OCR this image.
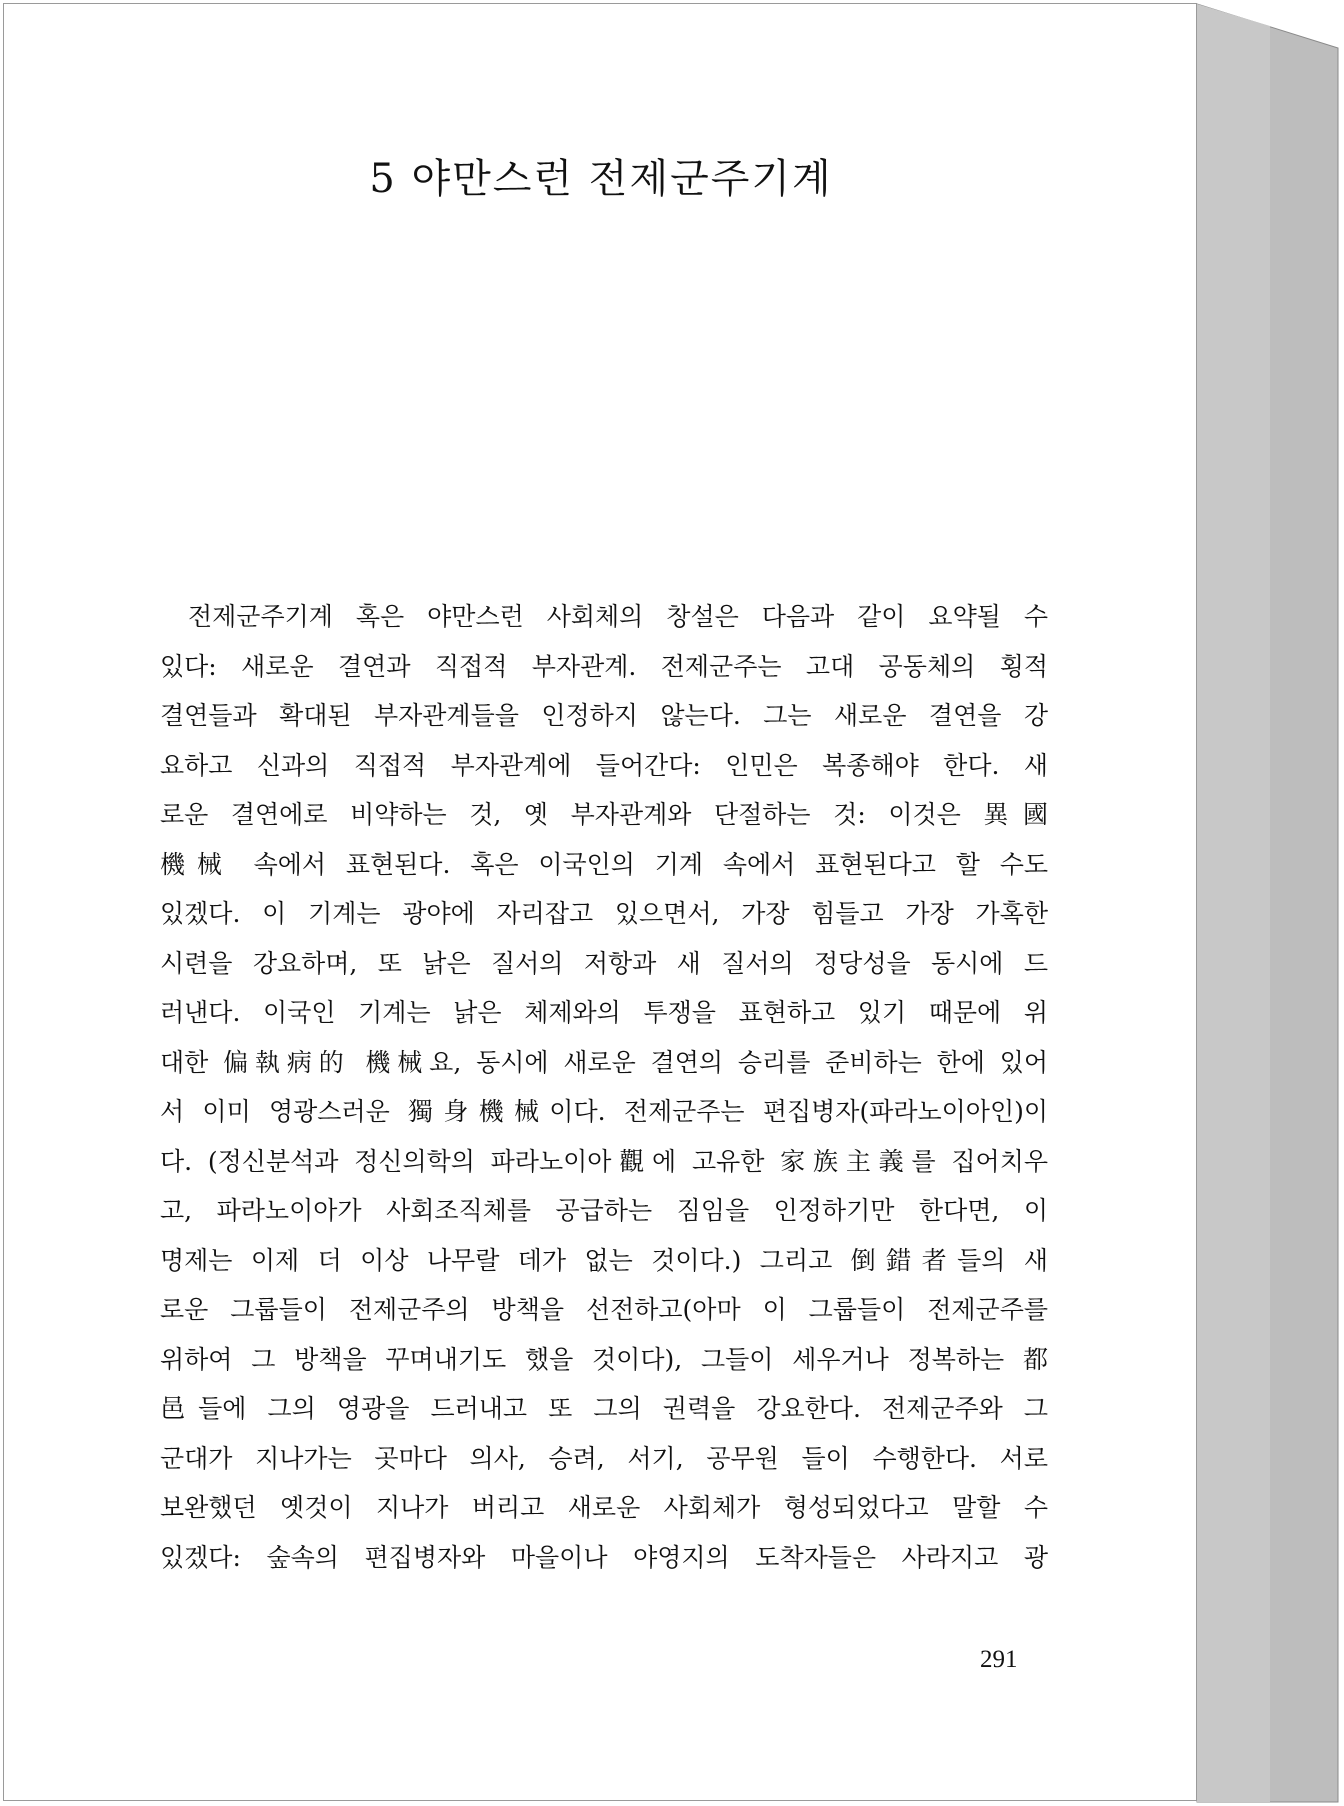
5 야만스런 전제군주기계
전제군주기계 혹은 야만스런 사회체의 창설은 다음과 같이 요약될 수
있다: 새로운 결연과 직접적 부자관계. 전제군주는 고대 공동체의 횡적
결연들과 확대된 부자관계들을 인정하지 않는다. 그는 새로운 결연을 강
요하고 신과의 직접적 부자관계에 들어간다: 인민은 복종해야 한다. 새
로운 결연에로 비약하는 것, 옛 부자관계와 단절하는 것: 이것은 異國
機械 속에서 표현된다. 혹은 이국인의 기계 속에서 표현된다고 할 수도
있겠다. 이 기계는 광야에 자리잡고 있으면서, 가장 힘들고 가장 가혹한
시련을 강요하며, 또 낡은 질서의 저항과 새 질서의 정당성을 동시에 드
러낸다. 이국인 기계는 낡은 체제와의 투쟁을 표현하고 있기 때문에 위
대한 偏執病的 機械요, 동시에 새로운 결연의 승리를 준비하는 한에 있어
서 이미 영광스러운 獨身機械이다. 전제군주는 편집병자(파라노이아인)이
다. (정신분석과 정신의학의 파라노이아觀에 고유한 家族主義를 집어치우
고, 파라노이아가 사회조직체를 공급하는 짐임을 인정하기만 한다면, 이
명제는 이제 더 이상 나무랄 데가 없는 것이다.) 그리고 倒錯者들의 새
로운 그룹들이 전제군주의 방책을 선전하고(아마 이 그룹들이 전제군주를
위하여 그 방책을 꾸며내기도 했을 것이다), 그들이 세우거나 정복하는 都
邑들에 그의 영광을 드러내고 또 그의 권력을 강요한다. 전제군주와 그
군대가 지나가는 곳마다 의사, 승려, 서기, 공무원 들이 수행한다. 서로
보완했던 옛것이 지나가 버리고 새로운 사회체가 형성되었다고 말할 수
있겠다: 숲속의 편집병자와 마을이나 야영지의 도착자들은 사라지고 광
291
